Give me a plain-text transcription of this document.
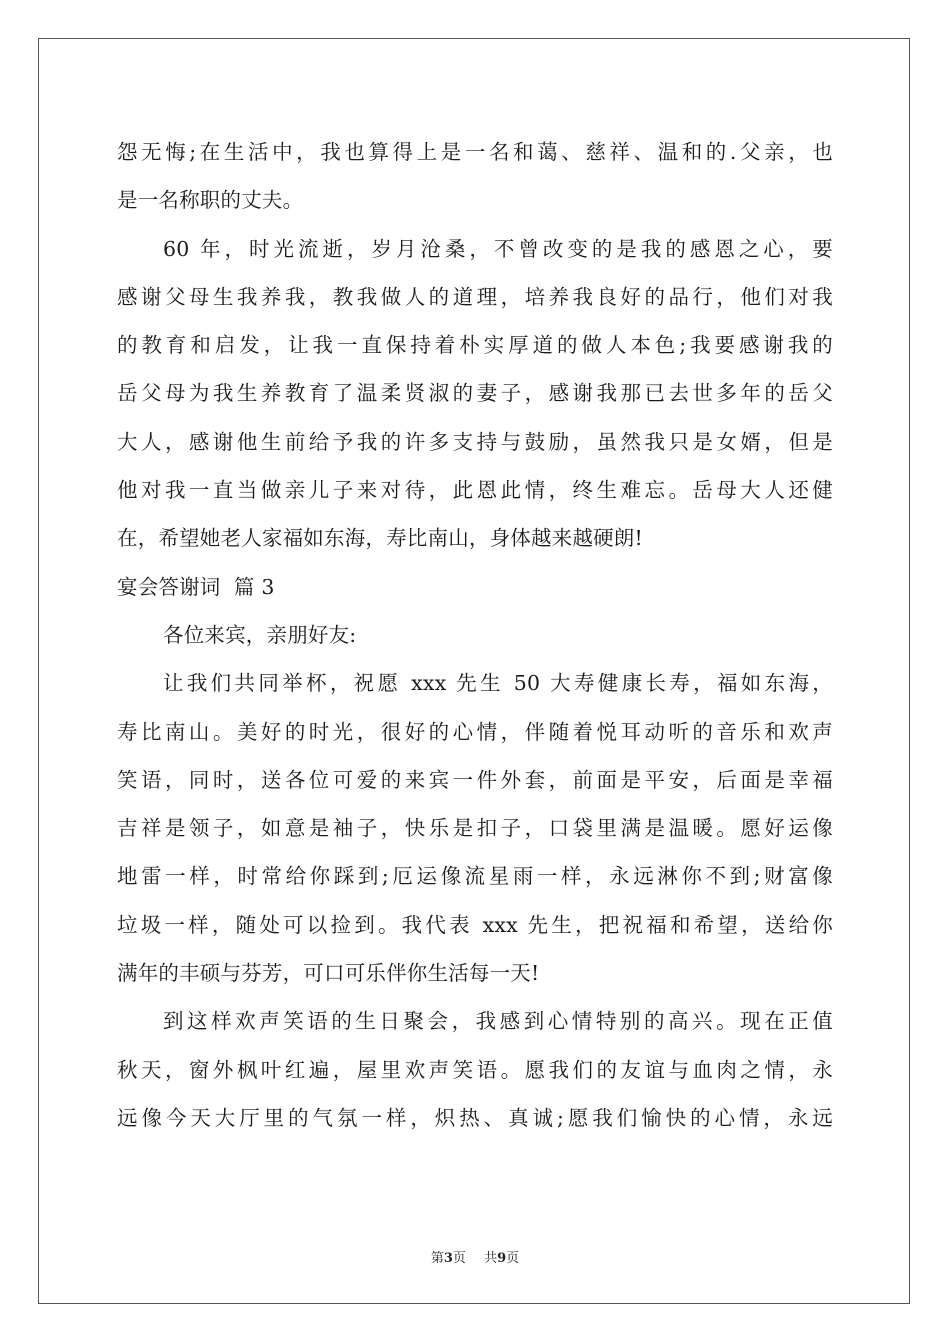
怨无悔;在生活中，我也算得上是一名和蔼、慈祥、温和的.父亲，也
是一名称职的丈夫。
60 年，时光流逝，岁月沧桑，不曾改变的是我的感恩之心，要
感谢父母生我养我，教我做人的道理，培养我良好的品行，他们对我
的教育和启发，让我一直保持着朴实厚道的做人本色;我要感谢我的
岳父母为我生养教育了温柔贤淑的妻子，感谢我那已去世多年的岳父
大人，感谢他生前给予我的许多支持与鼓励，虽然我只是女婿，但是
他对我一直当做亲儿子来对待，此恩此情，终生难忘。岳母大人还健
在，希望她老人家福如东海，寿比南山，身体越来越硬朗!
宴会答谢词  篇 3
各位来宾，亲朋好友:
让我们共同举杯，祝愿 xxx 先生 50 大寿健康长寿，福如东海，
寿比南山。美好的时光，很好的心情，伴随着悦耳动听的音乐和欢声
笑语，同时，送各位可爱的来宾一件外套，前面是平安，后面是幸福
吉祥是领子，如意是袖子，快乐是扣子，口袋里满是温暖。愿好运像
地雷一样，时常给你踩到;厄运像流星雨一样，永远淋你不到;财富像
垃圾一样，随处可以捡到。我代表 xxx 先生，把祝福和希望，送给你
满年的丰硕与芬芳，可口可乐伴你生活每一天!
到这样欢声笑语的生日聚会，我感到心情特别的高兴。现在正值
秋天，窗外枫叶红遍，屋里欢声笑语。愿我们的友谊与血肉之情，永
远像今天大厅里的气氛一样，炽热、真诚;愿我们愉快的心情，永远
第3页 共9页
